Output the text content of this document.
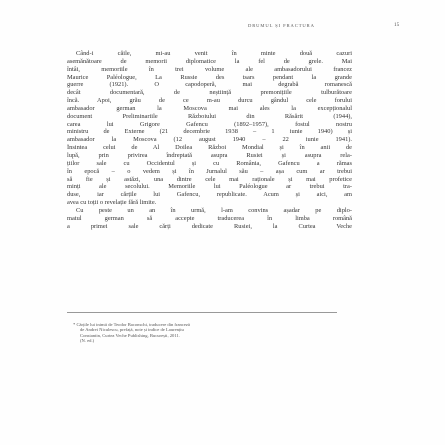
DRUMUL ȘI FRACTURA	15
Când-i căile, mi-au venit în minte două cazuri
asemănătoare de memorii diplomatice la fel de grele. Mai
întâi, memoriile în trei volume ale ambasadorului francez
Maurice Paléologue, La Russie des tsars pendant la grande
guerre (1921). O capodoperă, mai degrabă romanescă
decât documentară, de neștiință premonițiile tulburătoare
încă. Apoi, grău de ce m-au durcu gândul cele forului
ambasador german la Moscova mai ales la excepționalul
document Preliminariile Războiului din Răsărit (1944),
carea lui Grigore Gafencu (1892–1957), fostul nostru
ministru de Externe (21 decembrie 1938 – 1 iunie 1940) și
ambasador la Moscova (12 august 1940 – 22 iunie 1941).
Însintea celui de Al Doilea Război Mondial și în anii de
lupă, prin privirea îndreptată asupra Rusiei și asupra rela-
țiilor sale cu Occidentul și cu România, Gafencu a rămas
în epocă – o vedem și în Jurnalul său – așa cum ar trebui
să fie și astăzi, una dintre cele mai raționale și mai profetice
minți ale secolului. Memoriile lui Paléologue ar trebui tra-
duse, iar cărțile lui Gafencu, republicate. Acum și aici, am
avea cu toții o revelație fără limite.
Cu peste un an în urmă, l-am convins așadar pe diplo-
matul german să accepte traducerea în limba română
a primei sale cărți dedicate Rusiei, la Curtea Veche
* Cărțile lui inimii de Teodor Baconschi, traducere din franceză
de Andrei Niculescu, prefață, note și indice de Laurențiu
Constantin, Curtea Veche Publishing, București, 2011.
(N. ed.)
